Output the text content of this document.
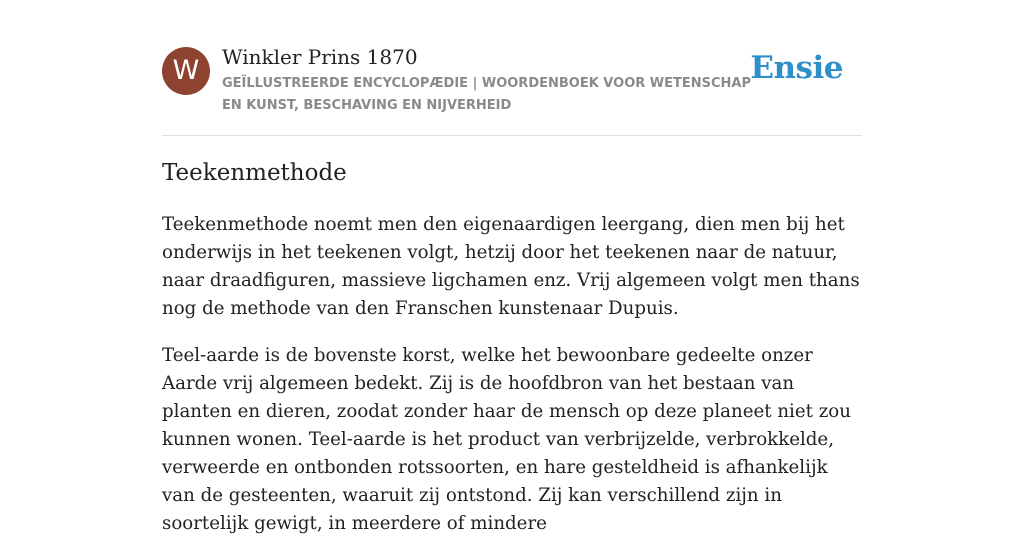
W	Winkler Prins 1870
GEÏLLUSTREERDE ENCYCLOPÆDIE | WOORDENBOEK VOOR WETENSCHAP EN KUNST, BESCHAVING EN NIJVERHEID
Ensie
Teekenmethode

Teekenmethode noemt men den eigenaardigen leergang, dien men bij het onderwijs in het teekenen volgt, hetzij door het teekenen naar de natuur, naar draadfiguren, massieve ligchamen enz. Vrij algemeen volgt men thans nog de methode van den Franschen kunstenaar Dupuis.

Teel-aarde is de bovenste korst, welke het bewoonbare gedeelte onzer Aarde vrij algemeen bedekt. Zij is de hoofdbron van het bestaan van planten en dieren, zoodat zonder haar de mensch op deze planeet niet zou kunnen wonen. Teel-aarde is het product van verbrijzelde, verbrokkelde, verweerde en ontbonden rotssoorten, en hare gesteldheid is afhankelijk van de gesteenten, waaruit zij ontstond. Zij kan verschillend zijn in soortelijk gewigt, in meerdere of mindere
